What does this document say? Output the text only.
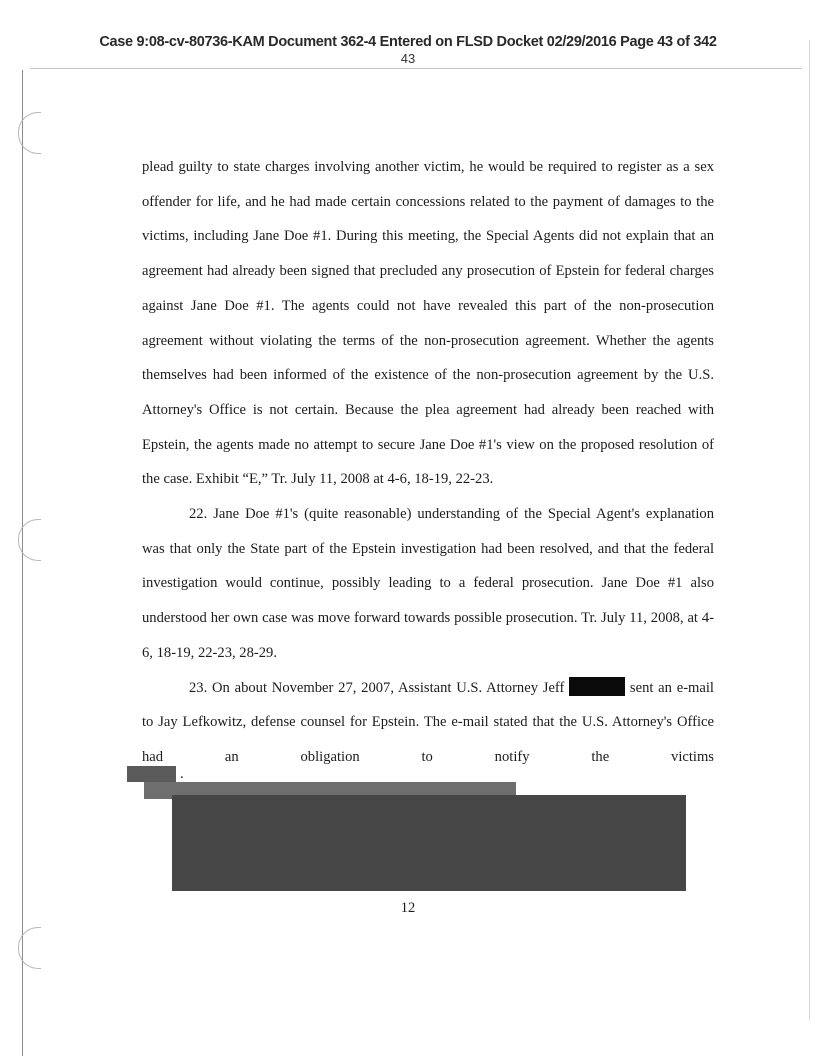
Case 9:08-cv-80736-KAM Document 362-4 Entered on FLSD Docket 02/29/2016 Page 43 of 342
43

plead guilty to state charges involving another victim, he would be required to register as a sex offender for life, and he had made certain concessions related to the payment of damages to the victims, including Jane Doe #1. During this meeting, the Special Agents did not explain that an agreement had already been signed that precluded any prosecution of Epstein for federal charges against Jane Doe #1. The agents could not have revealed this part of the non-prosecution agreement without violating the terms of the non-prosecution agreement. Whether the agents themselves had been informed of the existence of the non-prosecution agreement by the U.S. Attorney's Office is not certain. Because the plea agreement had already been reached with Epstein, the agents made no attempt to secure Jane Doe #1's view on the proposed resolution of the case. Exhibit “E,” Tr. July 11, 2008 at 4-6, 18-19, 22-23.

22. Jane Doe #1's (quite reasonable) understanding of the Special Agent's explanation was that only the State part of the Epstein investigation had been resolved, and that the federal investigation would continue, possibly leading to a federal prosecution. Jane Doe #1 also understood her own case was move forward towards possible prosecution. Tr. July 11, 2008, at 4-6, 18-19, 22-23, 28-29.

23. On about November 27, 2007, Assistant U.S. Attorney Jeff	sent an e-mail to Jay Lefkowitz, defense counsel for Epstein. The e-mail stated that the U.S. Attorney's Office had an obligation to notify the victims

.
12
